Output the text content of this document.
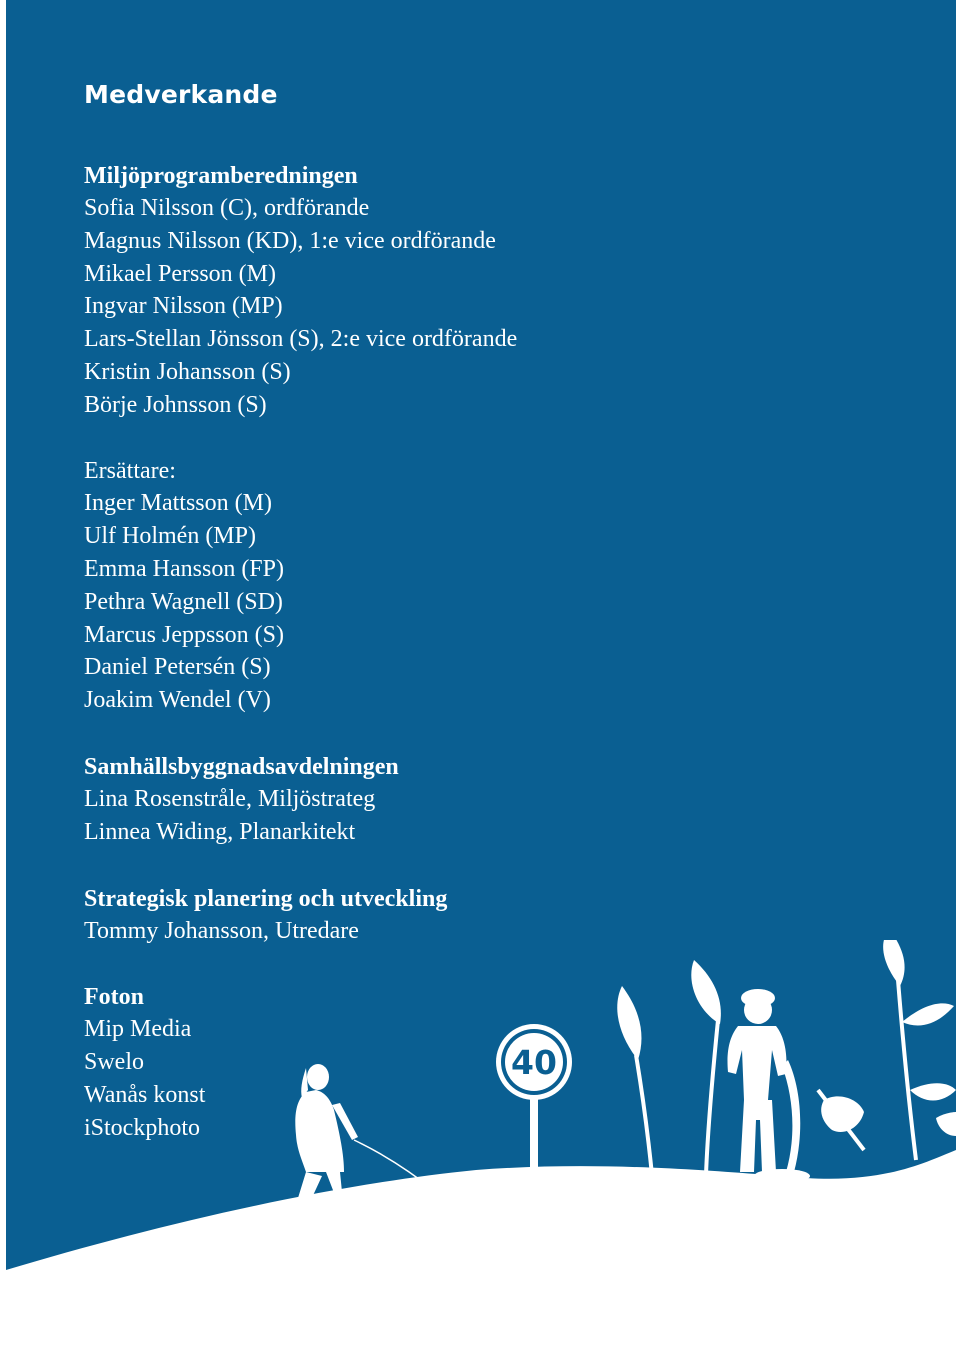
Medverkande

Miljöprogramberedningen

Sofia Nilsson (C), ordförande

Magnus Nilsson (KD), 1:e vice ordförande

Mikael Persson (M)

Ingvar Nilsson (MP)

Lars-Stellan Jönsson (S), 2:e vice ordförande

Kristin Johansson (S)

Börje Johnsson (S)

Ersättare:

Inger Mattsson (M)

Ulf Holmén (MP)

Emma Hansson (FP)

Pethra Wagnell (SD)

Marcus Jeppsson (S)

Daniel Petersén (S)

Joakim Wendel (V)

Samhällsbyggnadsavdelningen

Lina Rosenstråle, Miljöstrateg

Linnea Widing, Planarkitekt

Strategisk planering och utveckling

Tommy Johansson, Utredare

Foton

Mip Media

Swelo

Wanås konst

iStockphoto

40
